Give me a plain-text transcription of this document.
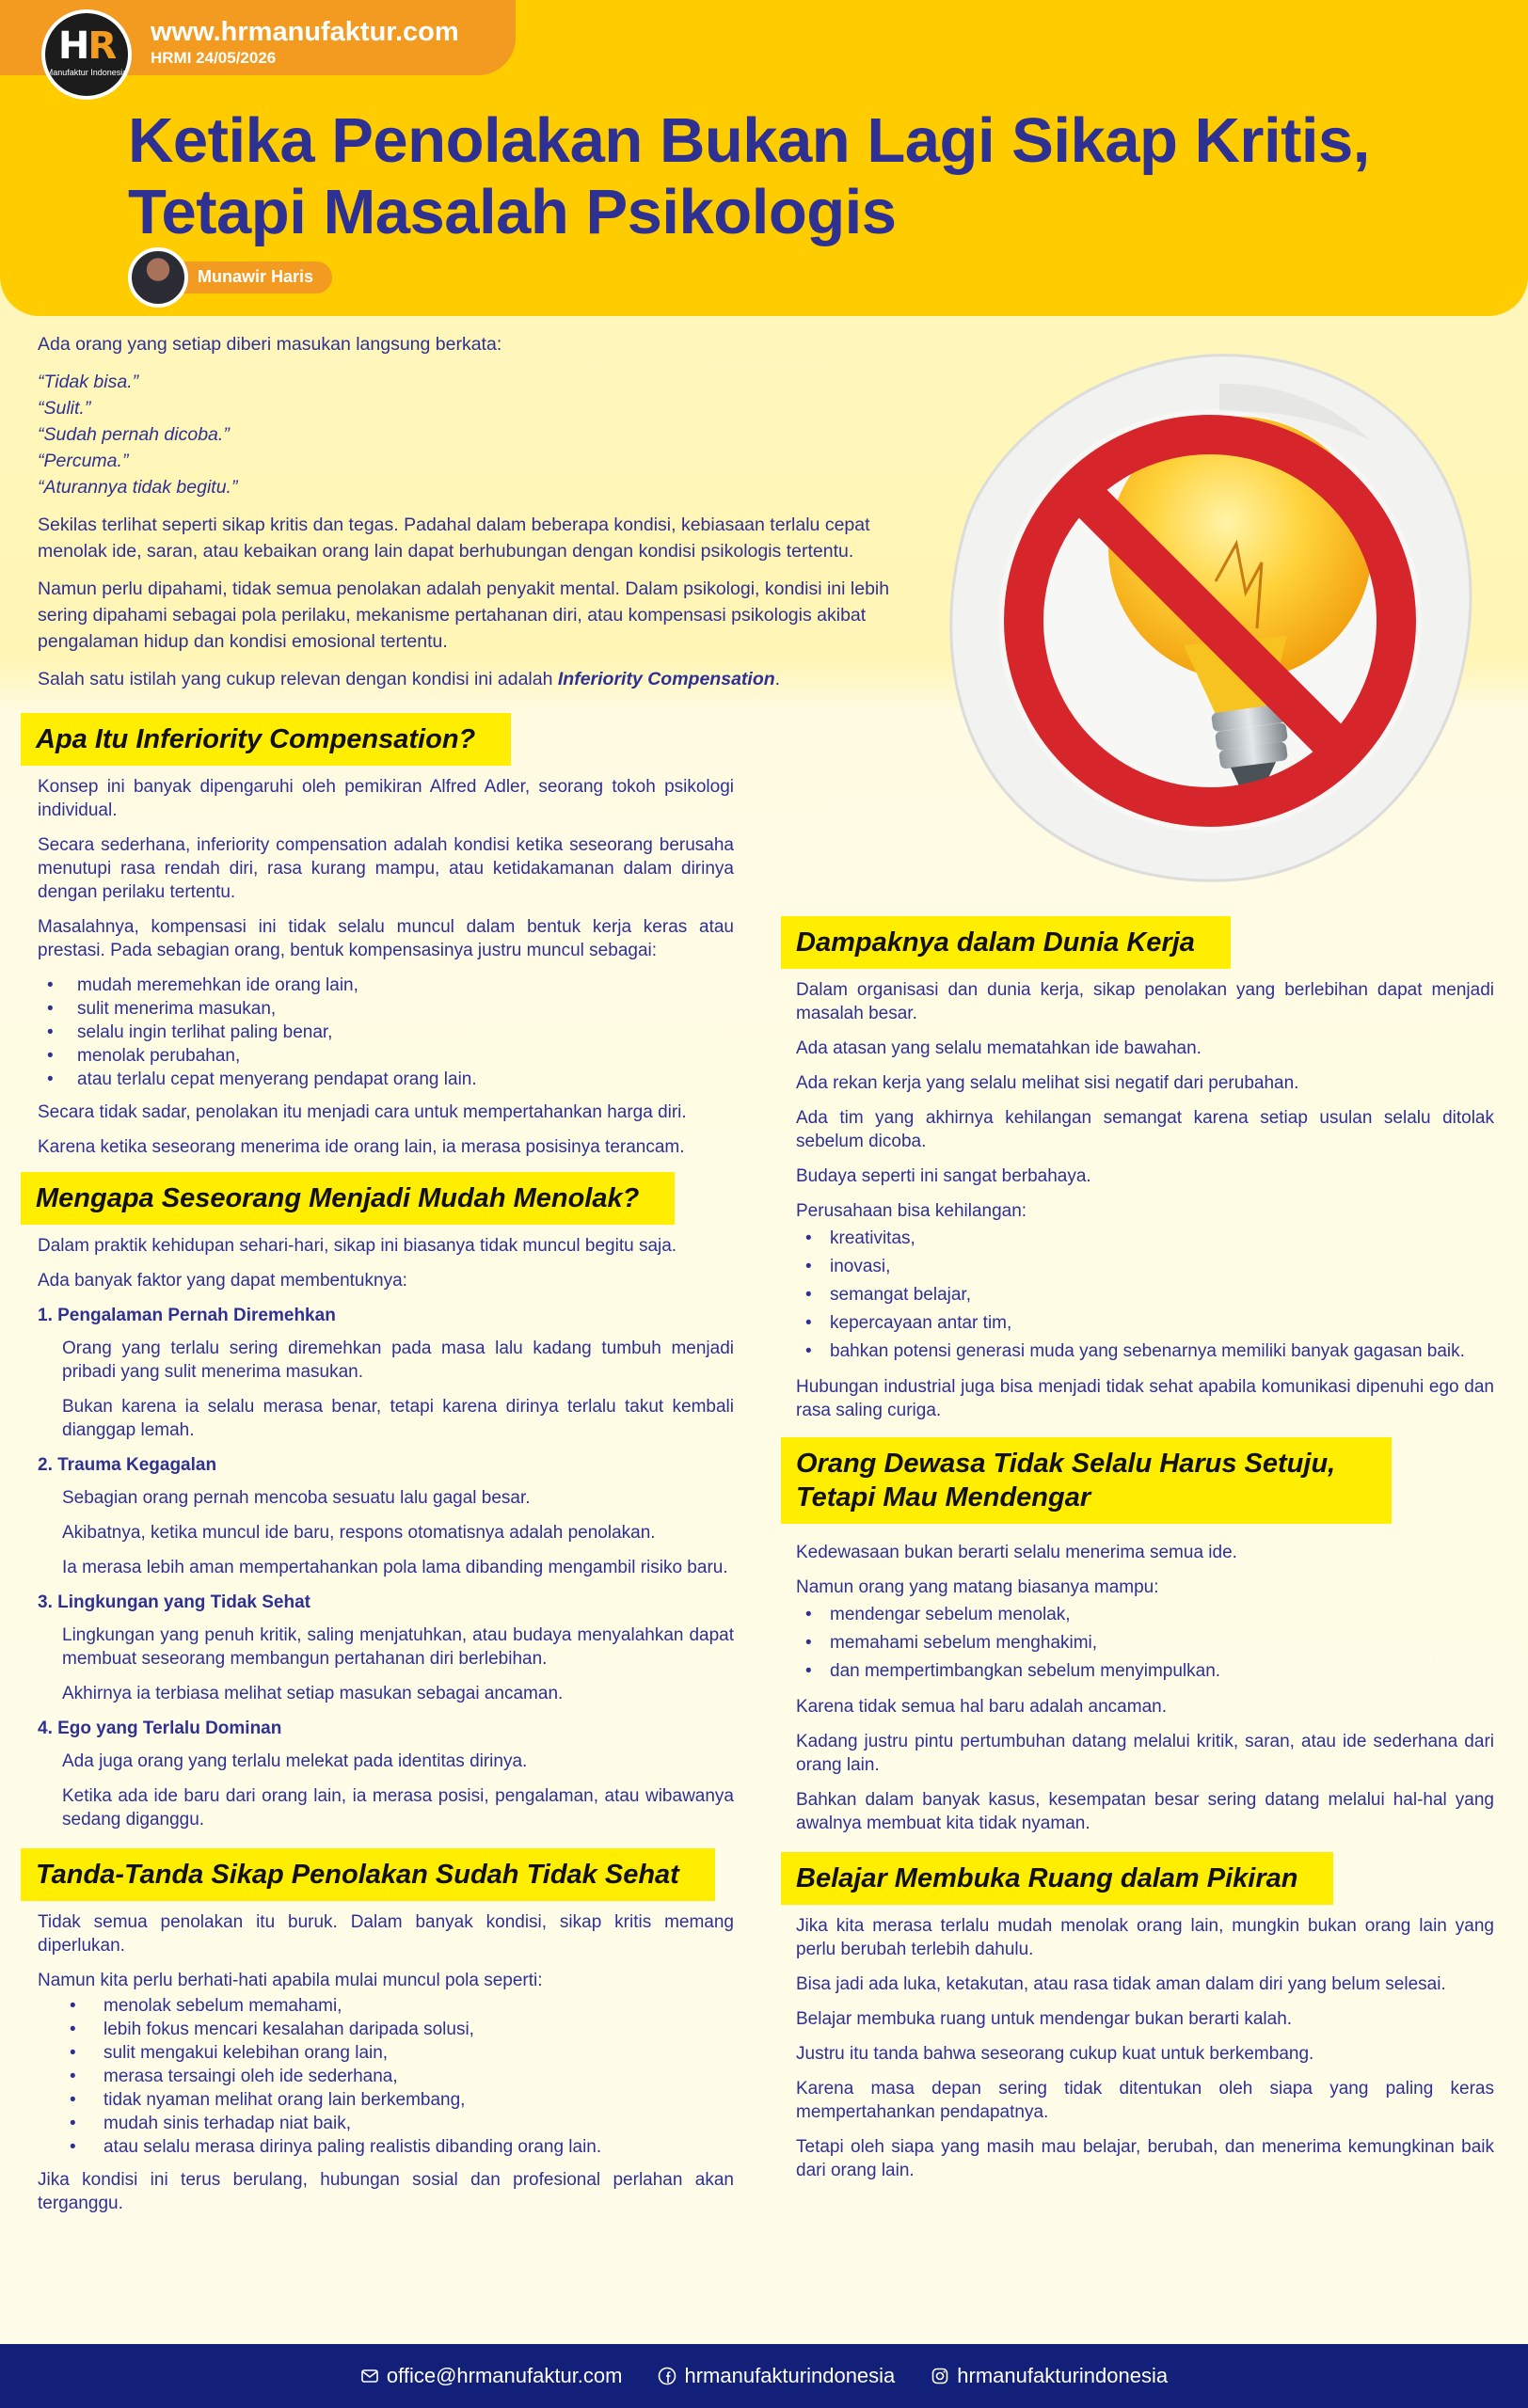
HR
Manufaktur Indonesia
www.hrmanufaktur.com
HRMI 24/05/2026
Ketika Penolakan Bukan Lagi Sikap Kritis,
Tetapi Masalah Psikologis
Munawir Haris

Ada orang yang setiap diberi masukan langsung berkata:

“Tidak bisa.”
“Sulit.”
“Sudah pernah dicoba.”
“Percuma.”
“Aturannya tidak begitu.”

Sekilas terlihat seperti sikap kritis dan tegas. Padahal dalam beberapa kondisi, kebiasaan terlalu cepat menolak ide, saran, atau kebaikan orang lain dapat berhubungan dengan kondisi psikologis tertentu.

Namun perlu dipahami, tidak semua penolakan adalah penyakit mental. Dalam psikologi, kondisi ini lebih sering dipahami sebagai pola perilaku, mekanisme pertahanan diri, atau kompensasi psikologis akibat pengalaman hidup dan kondisi emosional tertentu.

Salah satu istilah yang cukup relevan dengan kondisi ini adalah Inferiority Compensation.

Apa Itu Inferiority Compensation?

Konsep ini banyak dipengaruhi oleh pemikiran Alfred Adler, seorang tokoh psikologi individual.

Secara sederhana, inferiority compensation adalah kondisi ketika seseorang berusaha menutupi rasa rendah diri, rasa kurang mampu, atau ketidakamanan dalam dirinya dengan perilaku tertentu.

Masalahnya, kompensasi ini tidak selalu muncul dalam bentuk kerja keras atau prestasi. Pada sebagian orang, bentuk kompensasinya justru muncul sebagai:

• mudah meremehkan ide orang lain,
• sulit menerima masukan,
• selalu ingin terlihat paling benar,
• menolak perubahan,
• atau terlalu cepat menyerang pendapat orang lain.

Secara tidak sadar, penolakan itu menjadi cara untuk mempertahankan harga diri.

Karena ketika seseorang menerima ide orang lain, ia merasa posisinya terancam.

Mengapa Seseorang Menjadi Mudah Menolak?

Dalam praktik kehidupan sehari-hari, sikap ini biasanya tidak muncul begitu saja.

Ada banyak faktor yang dapat membentuknya:

1. Pengalaman Pernah Diremehkan

Orang yang terlalu sering diremehkan pada masa lalu kadang tumbuh menjadi pribadi yang sulit menerima masukan.

Bukan karena ia selalu merasa benar, tetapi karena dirinya terlalu takut kembali dianggap lemah.

2. Trauma Kegagalan

Sebagian orang pernah mencoba sesuatu lalu gagal besar.

Akibatnya, ketika muncul ide baru, respons otomatisnya adalah penolakan.

Ia merasa lebih aman mempertahankan pola lama dibanding mengambil risiko baru.

3. Lingkungan yang Tidak Sehat

Lingkungan yang penuh kritik, saling menjatuhkan, atau budaya menyalahkan dapat membuat seseorang membangun pertahanan diri berlebihan.

Akhirnya ia terbiasa melihat setiap masukan sebagai ancaman.

4. Ego yang Terlalu Dominan

Ada juga orang yang terlalu melekat pada identitas dirinya.

Ketika ada ide baru dari orang lain, ia merasa posisi, pengalaman, atau wibawanya sedang diganggu.

Tanda-Tanda Sikap Penolakan Sudah Tidak Sehat

Tidak semua penolakan itu buruk. Dalam banyak kondisi, sikap kritis memang diperlukan.

Namun kita perlu berhati-hati apabila mulai muncul pola seperti:

• menolak sebelum memahami,
• lebih fokus mencari kesalahan daripada solusi,
• sulit mengakui kelebihan orang lain,
• merasa tersaingi oleh ide sederhana,
• tidak nyaman melihat orang lain berkembang,
• mudah sinis terhadap niat baik,
• atau selalu merasa dirinya paling realistis dibanding orang lain.

Jika kondisi ini terus berulang, hubungan sosial dan profesional perlahan akan terganggu.

Dampaknya dalam Dunia Kerja

Dalam organisasi dan dunia kerja, sikap penolakan yang berlebihan dapat menjadi masalah besar.

Ada atasan yang selalu mematahkan ide bawahan.

Ada rekan kerja yang selalu melihat sisi negatif dari perubahan.

Ada tim yang akhirnya kehilangan semangat karena setiap usulan selalu ditolak sebelum dicoba.

Budaya seperti ini sangat berbahaya.

Perusahaan bisa kehilangan:

• kreativitas,
• inovasi,
• semangat belajar,
• kepercayaan antar tim,
• bahkan potensi generasi muda yang sebenarnya memiliki banyak gagasan baik.

Hubungan industrial juga bisa menjadi tidak sehat apabila komunikasi dipenuhi ego dan rasa saling curiga.

Orang Dewasa Tidak Selalu Harus Setuju,
Tetapi Mau Mendengar

Kedewasaan bukan berarti selalu menerima semua ide.

Namun orang yang matang biasanya mampu:

• mendengar sebelum menolak,
• memahami sebelum menghakimi,
• dan mempertimbangkan sebelum menyimpulkan.

Karena tidak semua hal baru adalah ancaman.

Kadang justru pintu pertumbuhan datang melalui kritik, saran, atau ide sederhana dari orang lain.

Bahkan dalam banyak kasus, kesempatan besar sering datang melalui hal-hal yang awalnya membuat kita tidak nyaman.

Belajar Membuka Ruang dalam Pikiran

Jika kita merasa terlalu mudah menolak orang lain, mungkin bukan orang lain yang perlu berubah terlebih dahulu.

Bisa jadi ada luka, ketakutan, atau rasa tidak aman dalam diri yang belum selesai.

Belajar membuka ruang untuk mendengar bukan berarti kalah.

Justru itu tanda bahwa seseorang cukup kuat untuk berkembang.

Karena masa depan sering tidak ditentukan oleh siapa yang paling keras mempertahankan pendapatnya.

Tetapi oleh siapa yang masih mau belajar, berubah, dan menerima kemungkinan baik dari orang lain.

office@hrmanufaktur.com	hrmanufakturindonesia	hrmanufakturindonesia
